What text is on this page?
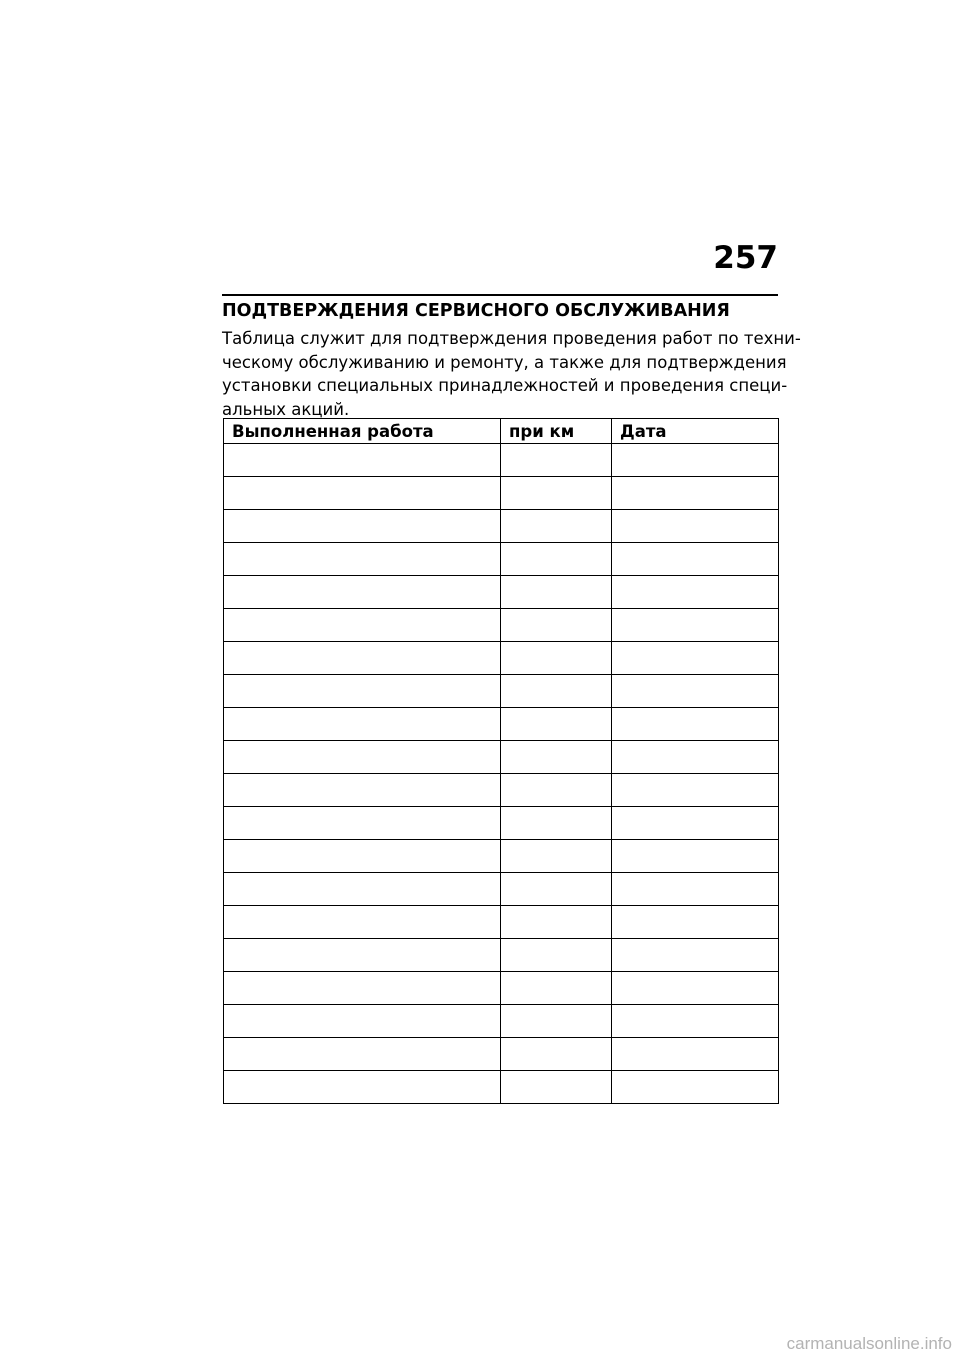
257
ПОДТВЕРЖДЕНИЯ СЕРВИСНОГО ОБСЛУЖИВАНИЯ
Таблица служит для подтверждения проведения работ по техни-
ческому обслуживанию и ремонту, а также для подтверждения
установки специальных принадлежностей и проведения специ-
альных акций.
Выполненная работа	при км	Дата

carmanualsonline.info
